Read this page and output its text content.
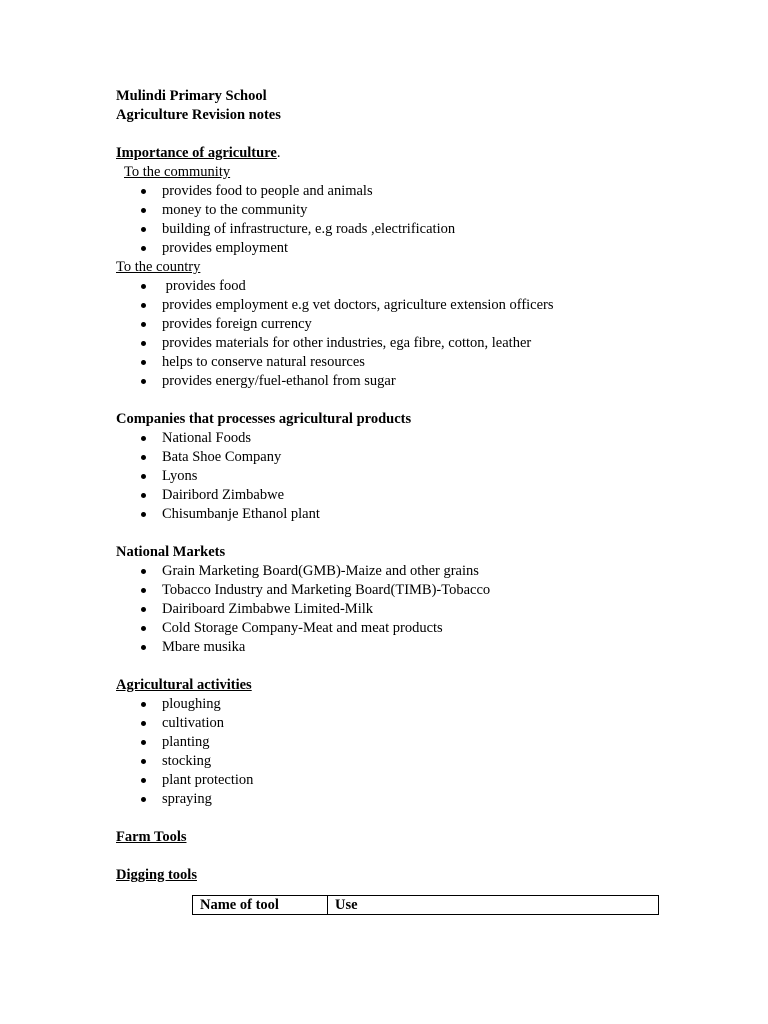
Mulindi Primary School
Agriculture Revision notes
Importance of agriculture.
To the community
provides food to people and animals
money to the community
building of infrastructure, e.g roads ,electrification
provides employment
To the country
provides food
provides employment e.g vet doctors, agriculture extension officers
provides foreign currency
provides materials for other industries, ega fibre, cotton, leather
helps to conserve natural resources
provides energy/fuel-ethanol from sugar
Companies that processes agricultural products
National Foods
Bata Shoe Company
Lyons
Dairibord Zimbabwe
Chisumbanje Ethanol plant
National Markets
Grain Marketing Board(GMB)-Maize and other grains
Tobacco Industry and Marketing Board(TIMB)-Tobacco
Dairiboard Zimbabwe Limited-Milk
Cold Storage Company-Meat and meat products
Mbare musika
Agricultural activities
ploughing
cultivation
planting
stocking
plant protection
spraying
Farm Tools
Digging tools
Name of tool	Use
